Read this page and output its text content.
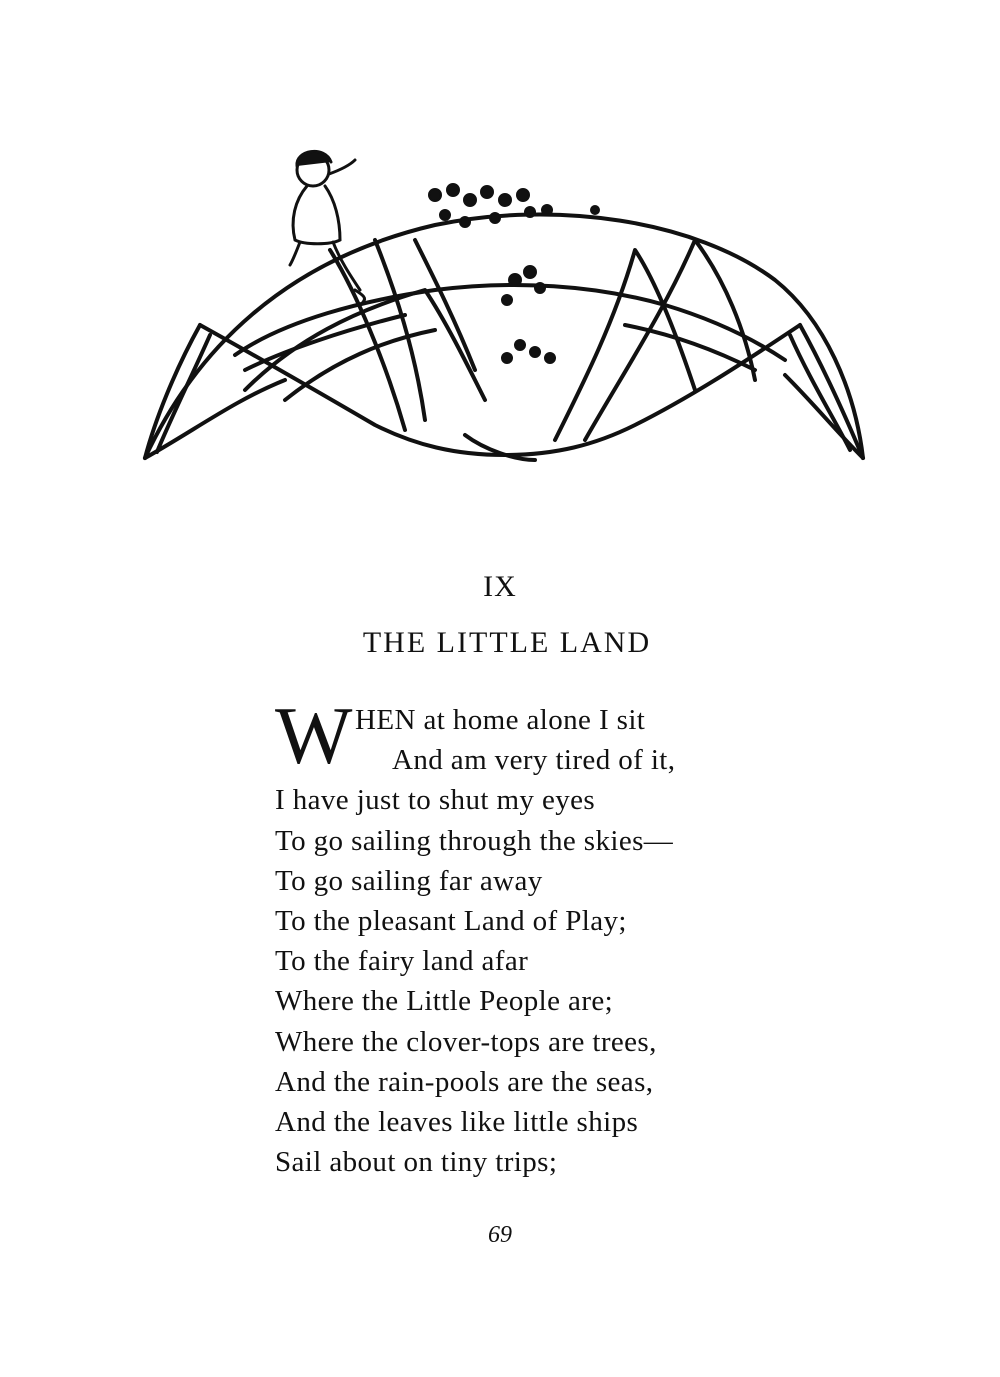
IX
THE LITTLE LAND
W HEN at home alone I sit
And am very tired of it,
I have just to shut my eyes
To go sailing through the skies—
To go sailing far away
To the pleasant Land of Play;
To the fairy land afar
Where the Little People are;
Where the clover-tops are trees,
And the rain-pools are the seas,
And the leaves like little ships
Sail about on tiny trips;
69
